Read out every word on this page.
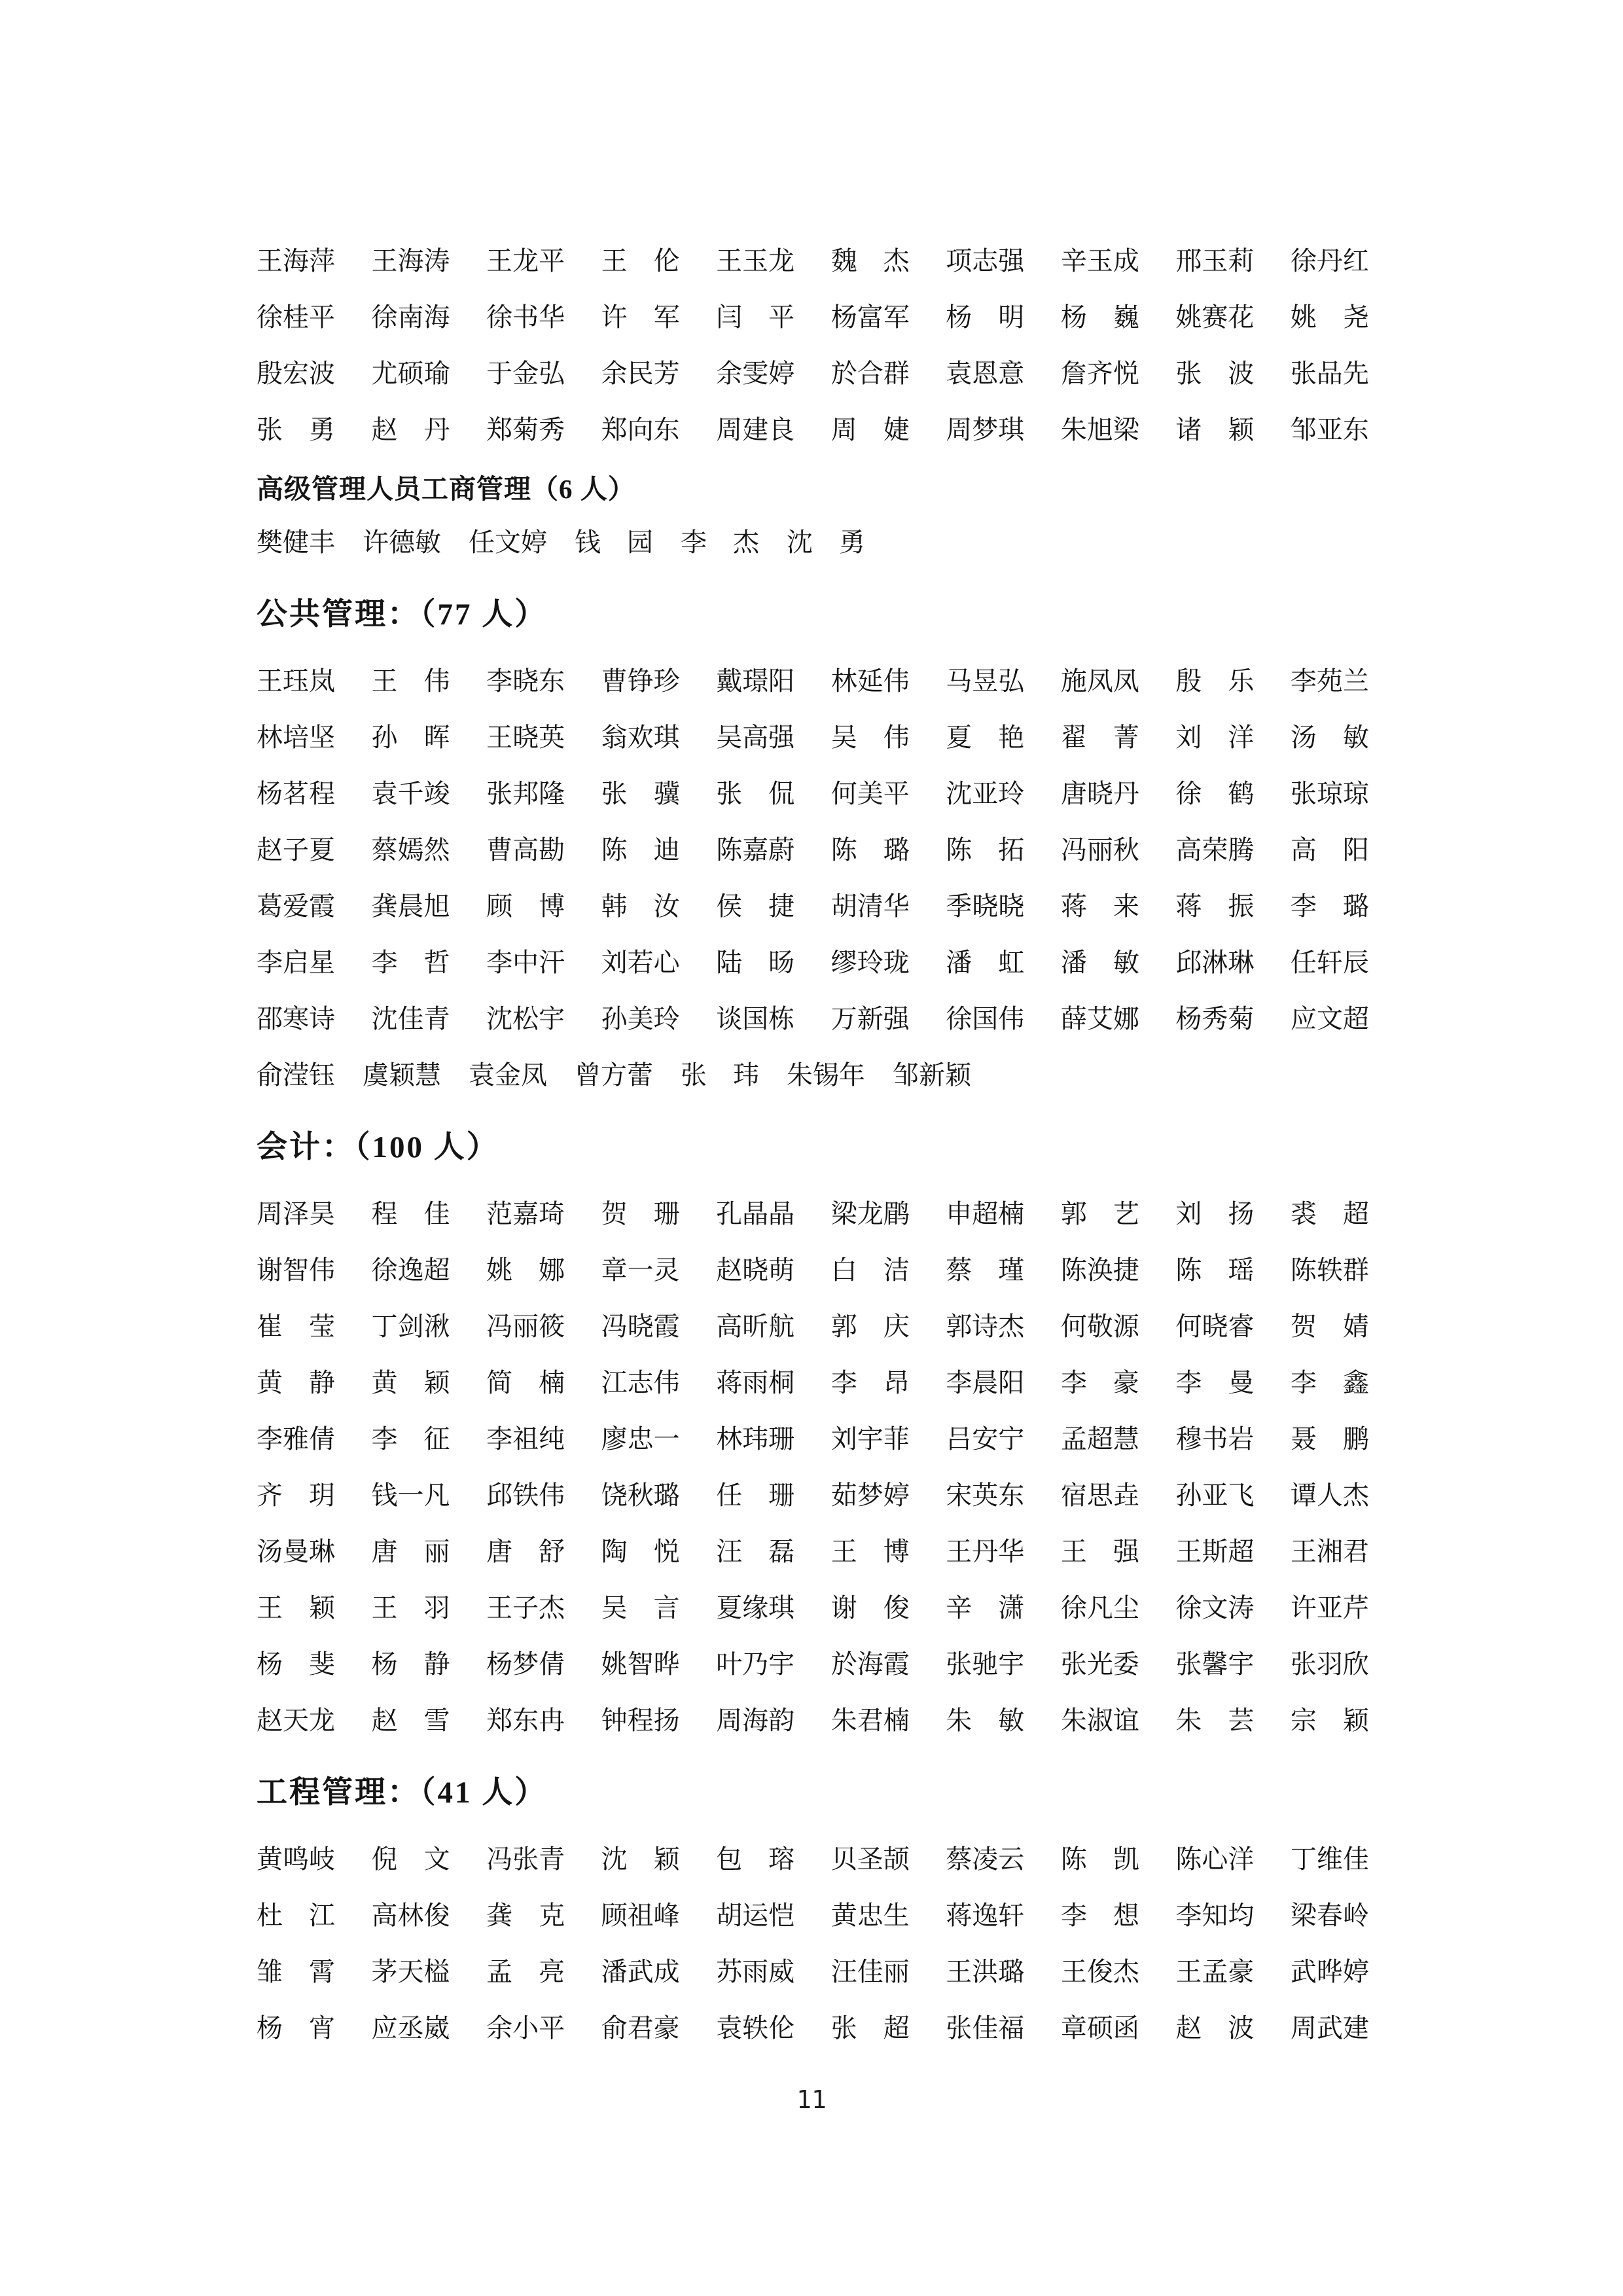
王海萍 王海涛 王龙平 王　伦 王玉龙 魏　杰 项志强 辛玉成 邢玉莉 徐丹红
徐桂平 徐南海 徐书华 许　军 闫　平 杨富军 杨　明 杨　巍 姚赛花 姚　尧
殷宏波 尤硕瑜 于金弘 余民芳 余雯婷 於合群 袁恩意 詹齐悦 张　波 张品先
张　勇 赵　丹 郑菊秀 郑向东 周建良 周　婕 周梦琪 朱旭梁 诸　颖 邹亚东
高级管理人员工商管理（6 人）
樊健丰 许德敏 任文婷 钱　园 李　杰 沈　勇
公共管理：（77 人）
王珏岚 王　伟 李晓东 曹铮珍 戴璟阳 林延伟 马昱弘 施凤凤 殷　乐 李苑兰
林培坚 孙　晖 王晓英 翁欢琪 吴高强 吴　伟 夏　艳 翟　菁 刘　洋 汤　敏
杨茗程 袁千竣 张邦隆 张　骥 张　侃 何美平 沈亚玲 唐晓丹 徐　鹤 张琼琼
赵子夏 蔡嫣然 曹高勘 陈　迪 陈嘉蔚 陈　璐 陈　拓 冯丽秋 高荣腾 高　阳
葛爱霞 龚晨旭 顾　博 韩　汝 侯　捷 胡清华 季晓晓 蒋　来 蒋　振 李　璐
李启星 李　哲 李中汗 刘若心 陆　旸 缪玲珑 潘　虹 潘　敏 邱淋琳 任轩辰
邵寒诗 沈佳青 沈松宇 孙美玲 谈国栋 万新强 徐国伟 薛艾娜 杨秀菊 应文超
俞滢钰 虞颖慧 袁金凤 曾方蕾 张　玮 朱锡年 邹新颖
会计：（100 人）
周泽昊 程　佳 范嘉琦 贺　珊 孔晶晶 梁龙鹛 申超楠 郭　艺 刘　扬 裘　超
谢智伟 徐逸超 姚　娜 章一灵 赵晓萌 白　洁 蔡　瑾 陈涣捷 陈　瑶 陈轶群
崔　莹 丁剑湫 冯丽筱 冯晓霞 高昕航 郭　庆 郭诗杰 何敬源 何晓睿 贺　婧
黄　静 黄　颖 简　楠 江志伟 蒋雨桐 李　昂 李晨阳 李　豪 李　曼 李　鑫
李雅倩 李　征 李祖纯 廖忠一 林玮珊 刘宇菲 吕安宁 孟超慧 穆书岩 聂　鹏
齐　玥 钱一凡 邱铁伟 饶秋璐 任　珊 茹梦婷 宋英东 宿思垚 孙亚飞 谭人杰
汤曼琳 唐　丽 唐　舒 陶　悦 汪　磊 王　博 王丹华 王　强 王斯超 王湘君
王　颖 王　羽 王子杰 吴　言 夏缘琪 谢　俊 辛　潇 徐凡尘 徐文涛 许亚芹
杨　斐 杨　静 杨梦倩 姚智晔 叶乃宇 於海霞 张驰宇 张光委 张馨宇 张羽欣
赵天龙 赵　雪 郑东冉 钟程扬 周海韵 朱君楠 朱　敏 朱淑谊 朱　芸 宗　颖
工程管理：（41 人）
黄鸣岐 倪　文 冯张青 沈　颖 包　瑢 贝圣颉 蔡凌云 陈　凯 陈心洋 丁维佳
杜　江 高林俊 龚　克 顾祖峰 胡运恺 黄忠生 蒋逸轩 李　想 李知均 梁春岭
雏　霄 茅天榏 孟　亮 潘武成 苏雨威 汪佳丽 王洪璐 王俊杰 王孟豪 武晔婷
杨　宵 应丞崴 余小平 俞君豪 袁轶伦 张　超 张佳福 章硕函 赵　波 周武建
11
